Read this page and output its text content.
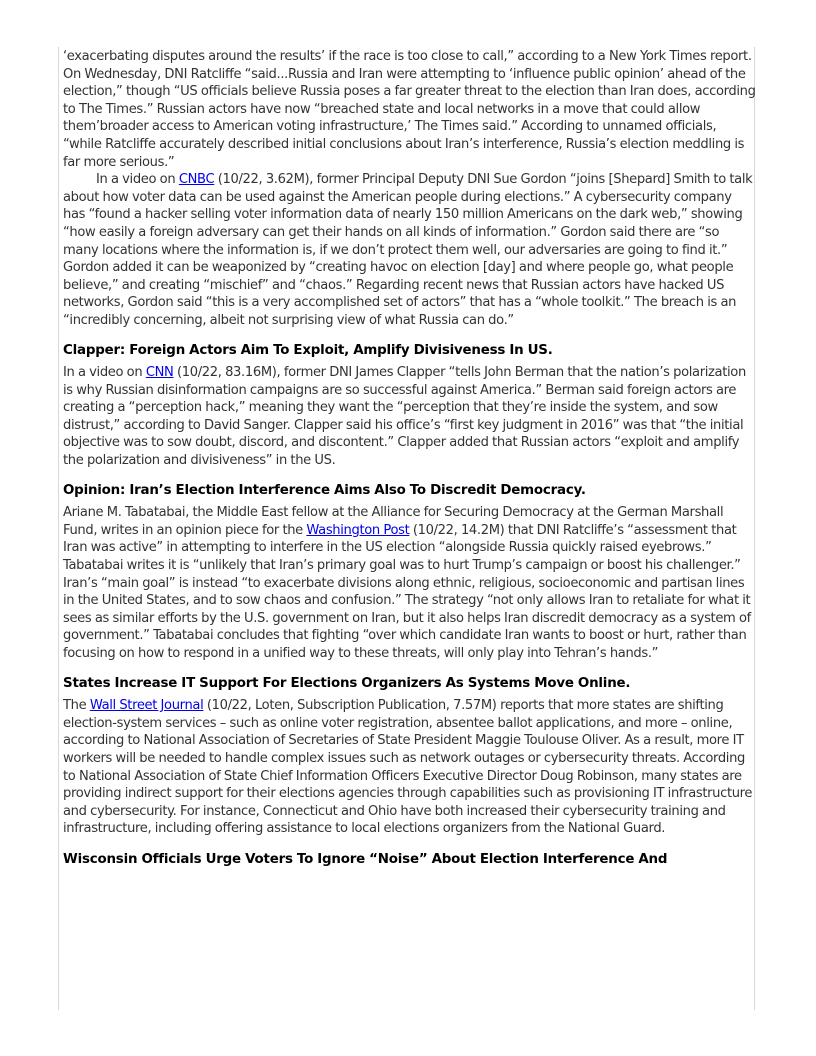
‘exacerbating disputes around the results’ if the race is too close to call,” according to a New York Times report. On Wednesday, DNI Ratcliffe “said...Russia and Iran were attempting to ‘influence public opinion’ ahead of the election,” though “US officials believe Russia poses a far greater threat to the election than Iran does, according to The Times.” Russian actors have now “breached state and local networks in a move that could allow them’broader access to American voting infrastructure,’ The Times said.” According to unnamed officials, “while Ratcliffe accurately described initial conclusions about Iran’s interference, Russia’s election meddling is far more serious.”

In a video on CNBC (10/22, 3.62M), former Principal Deputy DNI Sue Gordon “joins [Shepard] Smith to talk about how voter data can be used against the American people during elections.” A cybersecurity company has “found a hacker selling voter information data of nearly 150 million Americans on the dark web,” showing “how easily a foreign adversary can get their hands on all kinds of information.” Gordon said there are “so many locations where the information is, if we don’t protect them well, our adversaries are going to find it.” Gordon added it can be weaponized by “creating havoc on election [day] and where people go, what people believe,” and creating “mischief” and “chaos.” Regarding recent news that Russian actors have hacked US networks, Gordon said “this is a very accomplished set of actors” that has a “whole toolkit.” The breach is an “incredibly concerning, albeit not surprising view of what Russia can do.”

Clapper: Foreign Actors Aim To Exploit, Amplify Divisiveness In US.

In a video on CNN (10/22, 83.16M), former DNI James Clapper “tells John Berman that the nation’s polarization is why Russian disinformation campaigns are so successful against America.” Berman said foreign actors are creating a “perception hack,” meaning they want the “perception that they’re inside the system, and sow distrust,” according to David Sanger. Clapper said his office’s “first key judgment in 2016” was that “the initial objective was to sow doubt, discord, and discontent.” Clapper added that Russian actors “exploit and amplify the polarization and divisiveness” in the US.

Opinion: Iran’s Election Interference Aims Also To Discredit Democracy.

Ariane M. Tabatabai, the Middle East fellow at the Alliance for Securing Democracy at the German Marshall Fund, writes in an opinion piece for the Washington Post (10/22, 14.2M) that DNI Ratcliffe’s “assessment that Iran was active” in attempting to interfere in the US election “alongside Russia quickly raised eyebrows.” Tabatabai writes it is “unlikely that Iran’s primary goal was to hurt Trump’s campaign or boost his challenger.” Iran’s “main goal” is instead “to exacerbate divisions along ethnic, religious, socioeconomic and partisan lines in the United States, and to sow chaos and confusion.” The strategy “not only allows Iran to retaliate for what it sees as similar efforts by the U.S. government on Iran, but it also helps Iran discredit democracy as a system of government.” Tabatabai concludes that fighting “over which candidate Iran wants to boost or hurt, rather than focusing on how to respond in a unified way to these threats, will only play into Tehran’s hands.”

States Increase IT Support For Elections Organizers As Systems Move Online.

The Wall Street Journal (10/22, Loten, Subscription Publication, 7.57M) reports that more states are shifting election-system services – such as online voter registration, absentee ballot applications, and more – online, according to National Association of Secretaries of State President Maggie Toulouse Oliver. As a result, more IT workers will be needed to handle complex issues such as network outages or cybersecurity threats. According to National Association of State Chief Information Officers Executive Director Doug Robinson, many states are providing indirect support for their elections agencies through capabilities such as provisioning IT infrastructure and cybersecurity. For instance, Connecticut and Ohio have both increased their cybersecurity training and infrastructure, including offering assistance to local elections organizers from the National Guard.

Wisconsin Officials Urge Voters To Ignore “Noise” About Election Interference And
